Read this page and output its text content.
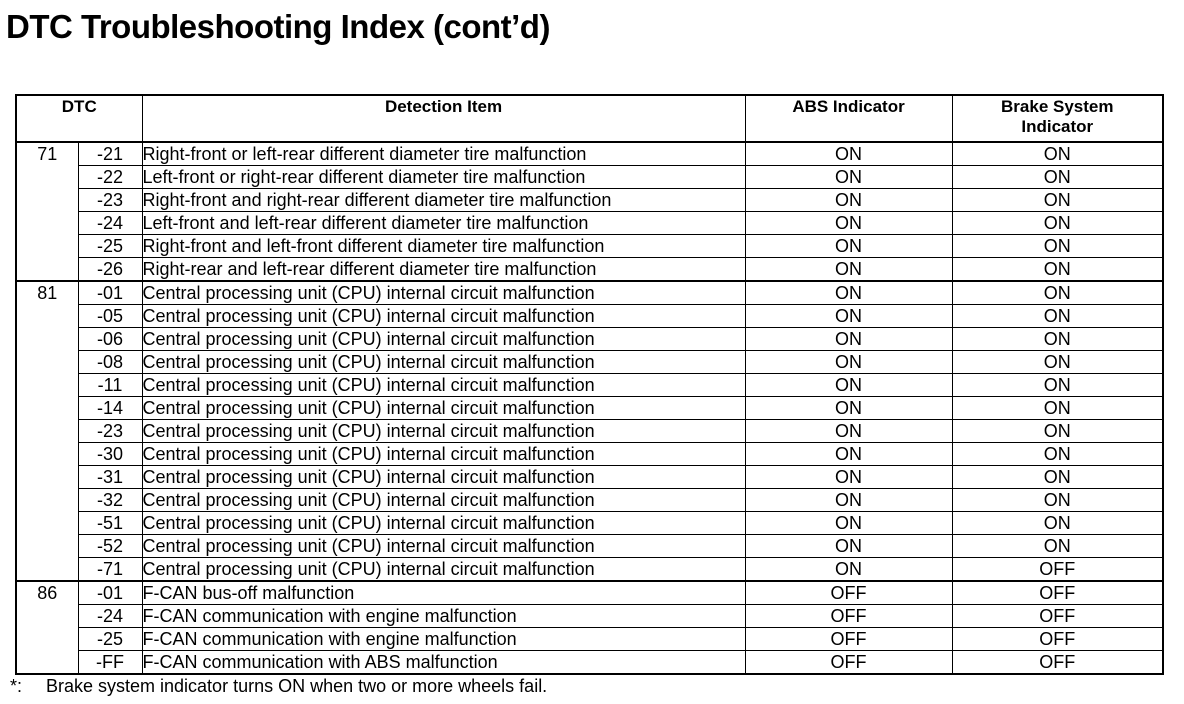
DTC Troubleshooting Index (cont’d)
DTC		Detection Item	ABS Indicator	Brake System Indicator
71	-21	Right-front or left-rear different diameter tire malfunction	ON	ON
	-22	Left-front or right-rear different diameter tire malfunction	ON	ON
	-23	Right-front and right-rear different diameter tire malfunction	ON	ON
	-24	Left-front and left-rear different diameter tire malfunction	ON	ON
	-25	Right-front and left-front different diameter tire malfunction	ON	ON
	-26	Right-rear and left-rear different diameter tire malfunction	ON	ON
81	-01	Central processing unit (CPU) internal circuit malfunction	ON	ON
	-05	Central processing unit (CPU) internal circuit malfunction	ON	ON
	-06	Central processing unit (CPU) internal circuit malfunction	ON	ON
	-08	Central processing unit (CPU) internal circuit malfunction	ON	ON
	-11	Central processing unit (CPU) internal circuit malfunction	ON	ON
	-14	Central processing unit (CPU) internal circuit malfunction	ON	ON
	-23	Central processing unit (CPU) internal circuit malfunction	ON	ON
	-30	Central processing unit (CPU) internal circuit malfunction	ON	ON
	-31	Central processing unit (CPU) internal circuit malfunction	ON	ON
	-32	Central processing unit (CPU) internal circuit malfunction	ON	ON
	-51	Central processing unit (CPU) internal circuit malfunction	ON	ON
	-52	Central processing unit (CPU) internal circuit malfunction	ON	ON
	-71	Central processing unit (CPU) internal circuit malfunction	ON	OFF
86	-01	F-CAN bus-off malfunction	OFF	OFF
	-24	F-CAN communication with engine malfunction	OFF	OFF
	-25	F-CAN communication with engine malfunction	OFF	OFF
	-FF	F-CAN communication with ABS malfunction	OFF	OFF
*: Brake system indicator turns ON when two or more wheels fail.
